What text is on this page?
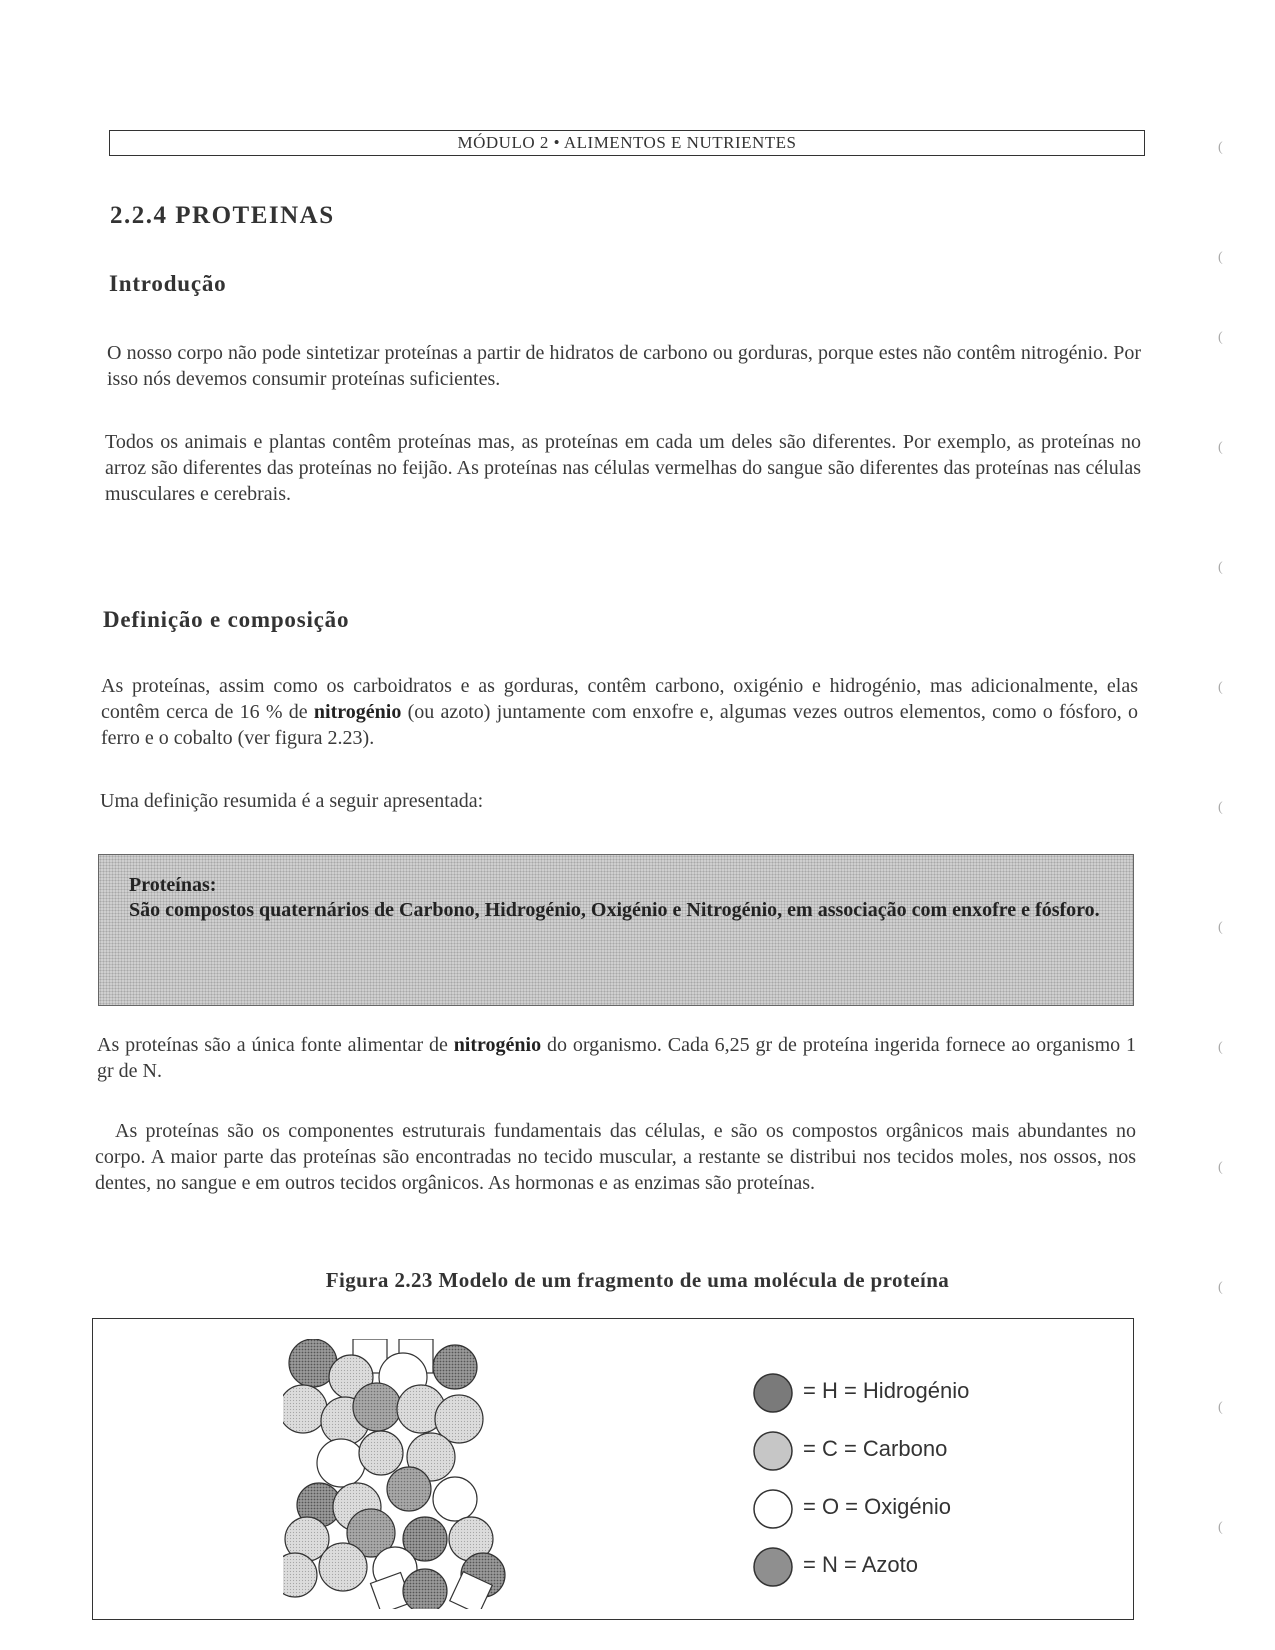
MÓDULO 2 • ALIMENTOS E NUTRIENTES
2.2.4 PROTEINAS
Introdução

O nosso corpo não pode sintetizar proteínas a partir de hidratos de carbono ou gorduras, porque estes não contêm nitrogénio. Por isso nós devemos consumir proteínas suficientes.

Todos os animais e plantas contêm proteínas mas, as proteínas em cada um deles são diferentes. Por exemplo, as proteínas no arroz são diferentes das proteínas no feijão. As proteínas nas células vermelhas do sangue são diferentes das proteínas nas células musculares e cerebrais.

Definição e composição

As proteínas, assim como os carboidratos e as gorduras, contêm carbono, oxigénio e hidrogénio, mas adicionalmente, elas contêm cerca de 16 % de nitrogénio (ou azoto) juntamente com enxofre e, algumas vezes outros elementos, como o fósforo, o ferro e o cobalto (ver figura 2.23).

Uma definição resumida é a seguir apresentada:

Proteínas:
São compostos quaternários de Carbono, Hidrogénio, Oxigénio e Nitrogénio, em associação com enxofre e fósforo.

As proteínas são a única fonte alimentar de nitrogénio do organismo. Cada 6,25 gr de proteína ingerida fornece ao organismo 1 gr de N.

As proteínas são os componentes estruturais fundamentais das células, e são os compostos orgânicos mais abundantes no corpo. A maior parte das proteínas são encontradas no tecido muscular, a restante se distribui nos tecidos moles, nos ossos, nos dentes, no sangue e em outros tecidos orgânicos. As hormonas e as enzimas são proteínas.

Figura 2.23 Modelo de um fragmento de uma molécula de proteína
= H = Hidrogénio
= C = Carbono
= O = Oxigénio
= N = Azoto
(
(
(
(
(
(
(
(
(
(
(
(
(
